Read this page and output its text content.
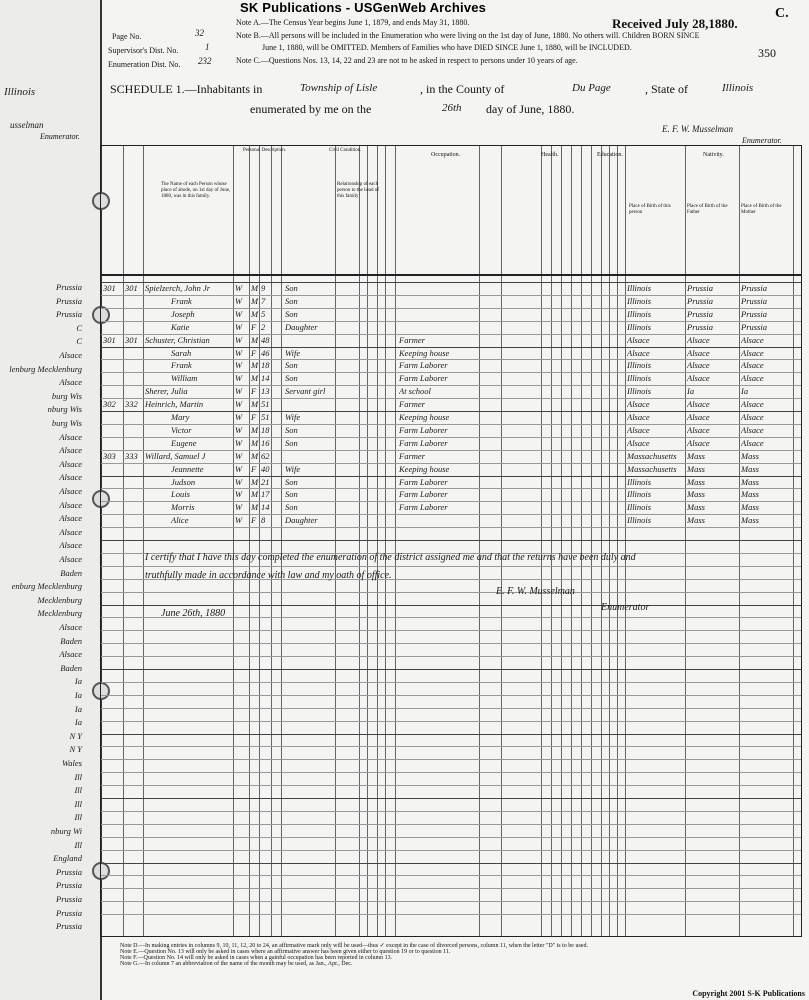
Illinois
usselman
Enumerator.
Prussia
Prussia
Prussia
C
C
Alsace
lenburg Mecklenburg
Alsace
burg Wis
nburg Wis
burg Wis
Alsace
Alsace
Alsace
Alsace
Alsace
Alsace
Alsace
Alsace
Alsace
Alsace
Baden
enburg Mecklenburg
Mecklenburg
Mecklenburg
Alsace
Baden
Alsace
Baden
Ia
Ia
Ia
Ia
N Y
N Y
Wales
Ill
Ill
Ill
Ill
nburg Wi
Ill
England
Prussia
Prussia
Prussia
Prussia
Prussia
SK Publications - USGenWeb Archives
Received July 28,1880.
C.
350
Page No.	32
Supervisor's Dist. No.	1
Enumeration Dist. No. 232
Note A.—The Census Year begins June 1, 1879, and ends May 31, 1880.
Note B.—All persons will be included in the Enumeration who were living on the 1st day of June, 1880. No others will. Children BORN SINCE
June 1, 1880, will be OMITTED. Members of Families who have DIED SINCE June 1, 1880, will be INCLUDED.
Note C.—Questions Nos. 13, 14, 22 and 23 are not to be asked in respect to persons under 10 years of age.
SCHEDULE 1.—Inhabitants in	Township of Lisle	, in the County of	Du Page	, State of	Illinois
enumerated by me on the	26th day of June, 1880.
E. F. W. Musselman
Enumerator.
The Name of each Person whose place of abode, on 1st day of June, 1880, was in this family.
Personal Description.
Relationship of each person to the head of this family
Civil Condition.
Occupation.	Health.	Education.	Nativity.
Place of Birth of this person
Place of Birth of the Father
Place of Birth of the Mother
301	301 Spielzerch, John Jr	W	M 9	Son	Illinois	Prussia	Prussia
Frank	W	M 7	Son	Illinois	Prussia	Prussia
Joseph	W	M 5	Son	Illinois	Prussia	Prussia
Katie	W	F 2	Daughter	Illinois	Prussia	Prussia
301	301 Schuster, Christian	W	M 48	Farmer	Alsace	Alsace	Alsace
Sarah	W	F 46	Wife	Keeping house	Alsace	Alsace	Alsace
Frank	W	M 18	Son	Farm Laborer	Illinois	Alsace	Alsace
William	W	M 14	Son	Farm Laborer	Illinois	Alsace	Alsace
Sherer, Julia	W	F 13	Servant girl	At school	Illinois	Ia	Ia
302	332 Heinrich, Martin	W	M 51	Farmer	Alsace	Alsace	Alsace
Mary	W	F 51	Wife	Keeping house	Alsace	Alsace	Alsace
Victor	W	M 18	Son	Farm Laborer	Alsace	Alsace	Alsace
Eugene	W	M 16	Son	Farm Laborer	Alsace	Alsace	Alsace
303	333 Willard, Samuel J	W	M 62	Farmer	Massachusetts	Mass	Mass
Jeannette	W	F 40	Wife	Keeping house	Massachusetts	Mass	Mass
Judson	W	M 21	Son	Farm Laborer	Illinois	Mass	Mass
Louis	W	M 17	Son	Farm Laborer	Illinois	Mass	Mass
Morris	W	M 14	Son	Farm Laborer	Illinois	Mass	Mass
Alice	W	F 8	Daughter	Illinois	Mass	Mass
I certify that I have this day completed the enumeration of the district assigned me and that the returns have been duly and
truthfully made in accordance with law and my oath of office.
E. F. W. Musselman
Enumerator
June 26th, 1880
Note D.—In making entries in columns 9, 10, 11, 12, 20 to 24, an affirmative mark only will be used—thus ✓ except in the case of divorced persons, column 11, when the letter "D" is to be used.
Note E.—Question No. 13 will only be asked in cases where an affirmative answer has been given either to question 19 or to question 11.
Note F.—Question No. 14 will only be asked in cases when a gainful occupation has been reported in column 13.
Note G.—In column 7 an abbreviation of the name of the month may be used, as Jan., Apr., Dec.
Copyright 2001 S-K Publications
